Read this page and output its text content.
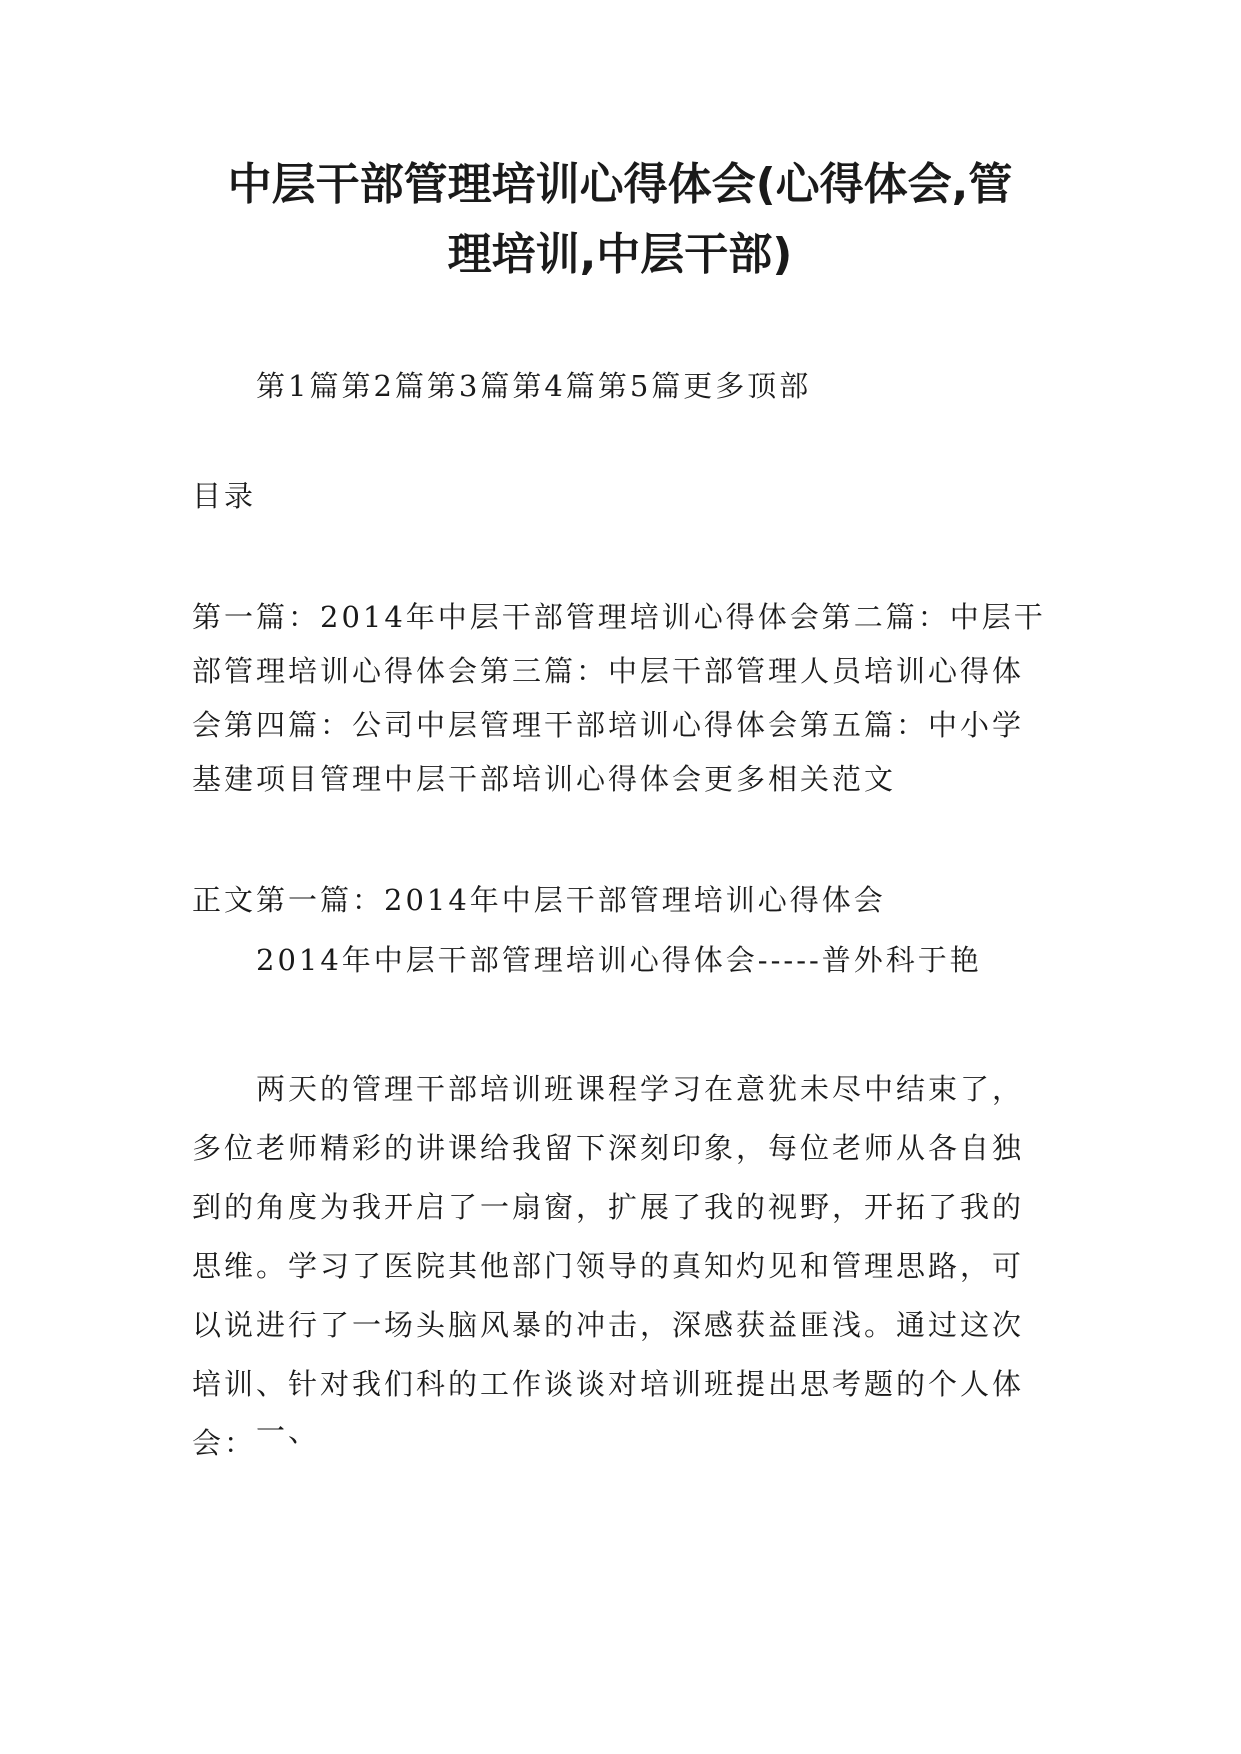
中层干部管理培训心得体会(心得体会,管
理培训,中层干部)
第1篇第2篇第3篇第4篇第5篇更多顶部
目录
第一篇：2014年中层干部管理培训心得体会第二篇：中层干
部管理培训心得体会第三篇：中层干部管理人员培训心得体
会第四篇：公司中层管理干部培训心得体会第五篇：中小学
基建项目管理中层干部培训心得体会更多相关范文
正文第一篇：2014年中层干部管理培训心得体会
2014年中层干部管理培训心得体会-----普外科于艳
两天的管理干部培训班课程学习在意犹未尽中结束了，
多位老师精彩的讲课给我留下深刻印象，每位老师从各自独
到的角度为我开启了一扇窗，扩展了我的视野，开拓了我的
思维。学习了医院其他部门领导的真知灼见和管理思路，可
以说进行了一场头脑风暴的冲击，深感获益匪浅。通过这次
培训、针对我们科的工作谈谈对培训班提出思考题的个人体
会： 一、
